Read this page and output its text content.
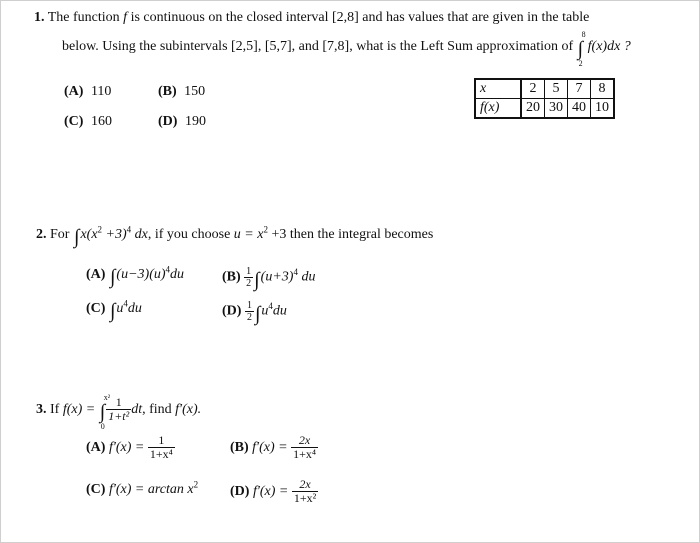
1. The function f is continuous on the closed interval [2,8] and has values that are given in the table
below. Using the subintervals [2,5], [5,7], and [7,8], what is the Left Sum approximation of ∫
8
2
f(x)dx ?
(A) 110	(B) 150
(C) 160	(D) 190
x	2	5	7	8
f(x)	20	30	40	10
2. For $\int x(x^2 +3)^4$ dx, if you choose $u = x^2 +3$ then the integral becomes
(A) $\int(u-3)(u)^4du$	$(B) \frac{1}{2} \int(u+3)^4$ du
(C) $\int u^4du$	$(D) \frac{1}{2} \int u^4du$
3. If f(x) = ∫
x²
0
$\frac{1}{\text{1+t²}}$ dt, find f′(x).
(A) $f'(x) = \frac{1}{\text{1+x⁴}}$	(B) $f'(x) = \frac{2x}{\text{1+x⁴}}$
(C) $f'(x) = \arctan x^2$ (D) $f'(x) = \frac{2x}{\text{1+x²}}$
